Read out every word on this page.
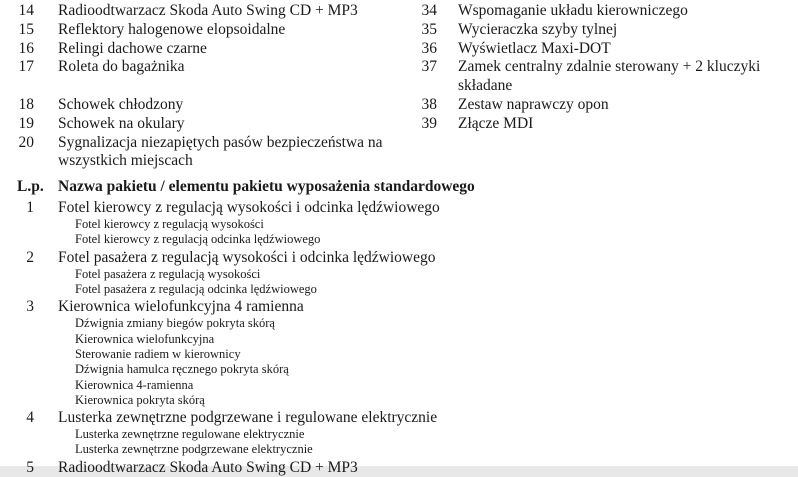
14 Radioodtwarzacz Skoda Auto Swing CD + MP3
15 Reflektory halogenowe elopsoidalne
16 Relingi dachowe czarne
17 Roleta do bagażnika
18 Schowek chłodzony
19 Schowek na okulary
20 Sygnalizacja niezapiętych pasów bezpieczeństwa na wszystkich miejscach
34 Wspomaganie układu kierowniczego
35 Wycieraczka szyby tylnej
36 Wyświetlacz Maxi-DOT
37 Zamek centralny zdalnie sterowany + 2 kluczyki składane
38 Zestaw naprawczy opon
39 Złącze MDI
L.p. Nazwa pakietu / elementu pakietu wyposażenia standardowego
1 Fotel kierowcy z regulacją wysokości i odcinka lędźwiowego
Fotel kierowcy z regulacją wysokości
Fotel kierowcy z regulacją odcinka lędźwiowego
2 Fotel pasażera z regulacją wysokości i odcinka lędźwiowego
Fotel pasażera z regulacją wysokości
Fotel pasażera z regulacją odcinka lędźwiowego
3 Kierownica wielofunkcyjna 4 ramienna
Dźwignia zmiany biegów pokryta skórą
Kierownica wielofunkcyjna
Sterowanie radiem w kierownicy
Dźwignia hamulca ręcznego pokryta skórą
Kierownica 4-ramienna
Kierownica pokryta skórą
4 Lusterka zewnętrzne podgrzewane i regulowane elektrycznie
Lusterka zewnętrzne regulowane elektrycznie
Lusterka zewnętrzne podgrzewane elektrycznie
5 Radioodtwarzacz Skoda Auto Swing CD + MP3
